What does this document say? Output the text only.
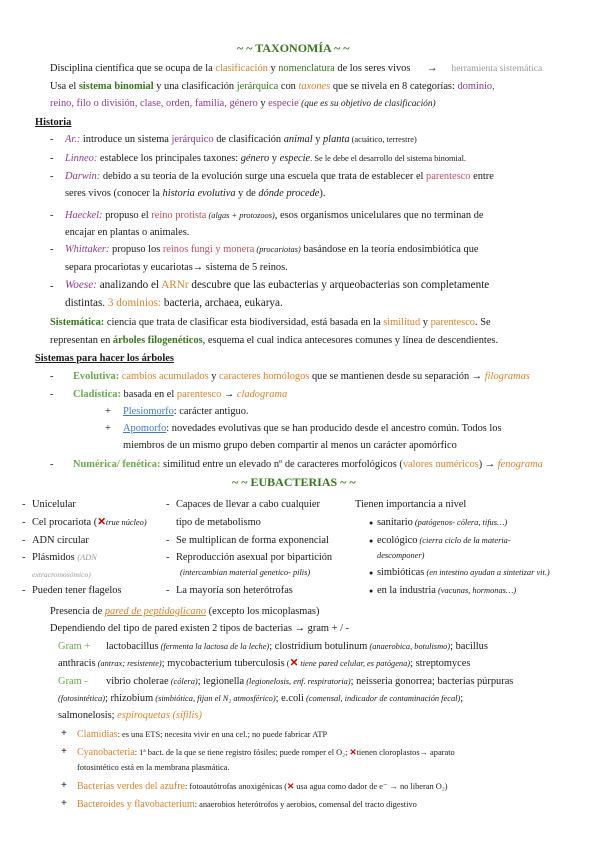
~ ~ TAXONOMÍA ~ ~
Disciplina científica que se ocupa de la clasificación y nomenclatura de los seres vivos → herramienta sistemática
Usa el sistema binomial y una clasificación jerárquica con taxones que se nivela en 8 categorías: dominio,
reino, filo o división, clase, orden, familia, género y especie (que es su objetivo de clasificación)
Historia
- Ar.: introduce un sistema jerárquico de clasificación animal y planta (acuático, terrestre)
- Linneo: establece los principales taxones: género y especie. Se le debe el desarrollo del sistema binomial.
- Darwin: debido a su teoría de la evolución surge una escuela que trata de establecer el parentesco entre
seres vivos (conocer la historia evolutiva y de dónde procede).
- Haeckel: propuso el reino protista (algas + protozoos), esos organismos unicelulares que no terminan de
encajar en plantas o animales.
- Whittaker: propuso los reinos fungi y monera (procariotas) basándose en la teoría endosimbiótica que
separa procariotas y eucariotas→ sistema de 5 reinos.
- Woese: analizando el ARNr descubre que las eubacterias y arqueobacterias son completamente
distintas. 3 dominios: bacteria, archaea, eukarya.
Sistemática: ciencia que trata de clasificar esta biodiversidad, está basada en la similitud y parentesco. Se
representan en árboles filogenéticos, esquema el cual indica antecesores comunes y línea de descendientes.
Sistemas para hacer los árboles
- Evolutiva: cambios acumulados y caracteres homólogos que se mantienen desde su separación → filogramas
- Cladística: basada en el parentesco → cladograma
+ Plesiomorfo: carácter antiguo.
+ Apomorfo: novedades evolutivas que se han producido desde el ancestro común. Todos los
miembros de un mismo grupo deben compartir al menos un carácter apomórfico
- Numérica/ fenética: similitud entre un elevado nº de caracteres morfológicos (valores numéricos) → fenograma
~ ~ EUBACTERIAS ~ ~
- Unicelular
- Cel procariota (✕true núcleo)
- ADN circular
- Plásmidos (ADN
extracromosómico)
- Pueden tener flagelos
- Capaces de llevar a cabo cualquier
tipo de metabolismo
- Se multiplican de forma exponencial
- Reproducción asexual por bipartición
(intercambian material genetico- pilis)
- La mayoría son heterótrofas
Tienen importancia a nivel
● sanitario (patógenos- cólera, tifus…)
● ecológico (cierra ciclo de la materia-
descomponer)
● simbióticas (en intestino ayudan a sintetizar vit.)
● en la industria (vacunas, hormonas…)
Presencia de pared de peptidoglicano (excepto los micoplasmas)
Dependiendo del tipo de pared existen 2 tipos de bacterias → gram + / -
Gram + lactobacillus (fermenta la lactosa de la leche); clostridium botulinum (anaerobica, botulismo); bacillus
anthracis (antrax; resistente); mycobacterium tuberculosis (✕ tiene pared celular, es patógena); streptomyces
Gram - vibrio cholerae (cólera); legionella (legionelosis, enf. respiratoria); neisseria gonorrea; bacterias púrpuras
(fotosintética); rhizobium (simbiótica, fijan el N₂ atmosférico); e.coli (comensal, indicador de contaminación fecal);
salmonelosis; espiroquetas (sífilis)
+ Clamidias: es una ETS; necesita vivir en una cel.; no puede fabricar ATP
+ Cyanobacteria: 1ª bact. de la que se tiene registro fósiles; puede romper el O₂; ✕tienen cloroplastos→ aparato
fotosintético está en la membrana plasmática.
+ Bacterias verdes del azufre: fotoautótrofas anoxigénicas (✕ usa agua como dador de e⁻ → no liberan O₂)
+ Bacteroides y flavobacterium: anaerobios heterótrofos y aerobios, comensal del tracto digestivo
